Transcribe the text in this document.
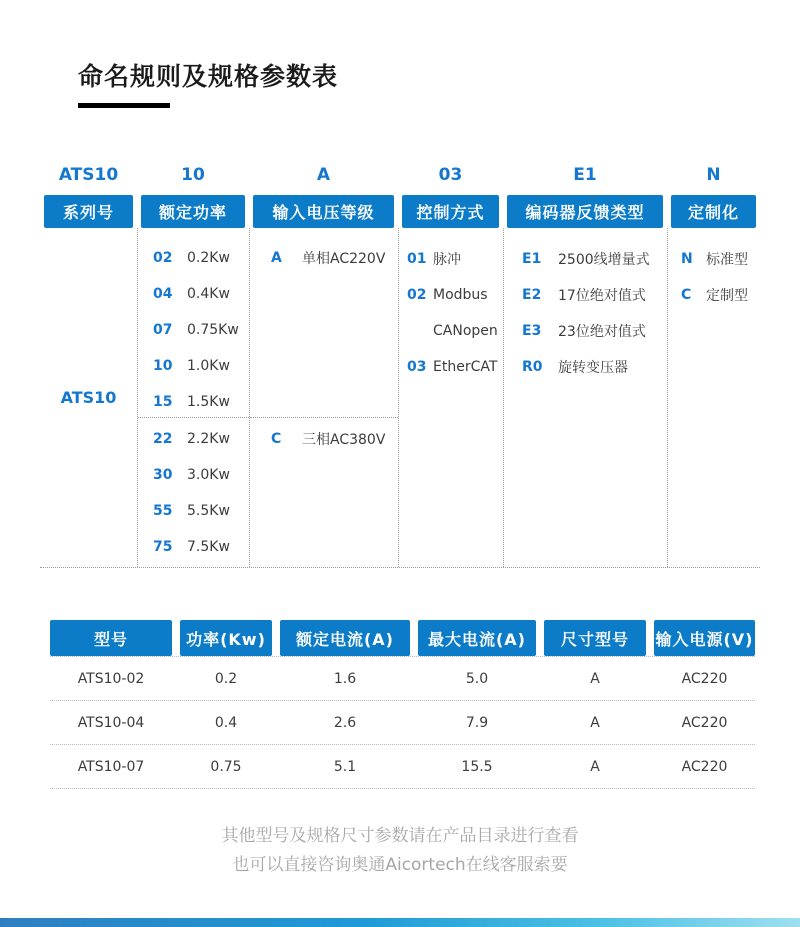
命名规则及规格参数表
ATS10	10	A	03	E1	N
系列号	额定功率	输入电压等级	控制方式	编码器反馈类型	定制化
ATS10
02	0.2Kw
04	0.4Kw
07	0.75Kw
10	1.0Kw
15	1.5Kw
22	2.2Kw
30	3.0Kw
55	5.5Kw
75	7.5Kw
A	单相AC220V
C	三相AC380V
01 脉冲
02 Modbus
CANopen
03 EtherCAT
E1	2500线增量式
E2	17位绝对值式
E3	23位绝对值式
R0	旋转变压器
N 标准型
C	定制型
型号	功率(Kw)	额定电流(A)	最大电流(A)	尺寸型号	输入电源(V)
ATS10-02	0.2	1.6	5.0	A	AC220
ATS10-04	0.4	2.6	7.9	A	AC220
ATS10-07	0.75	5.1	15.5	A	AC220
其他型号及规格尺寸参数请在产品目录进行查看
也可以直接咨询奥通Aicortech在线客服索要
